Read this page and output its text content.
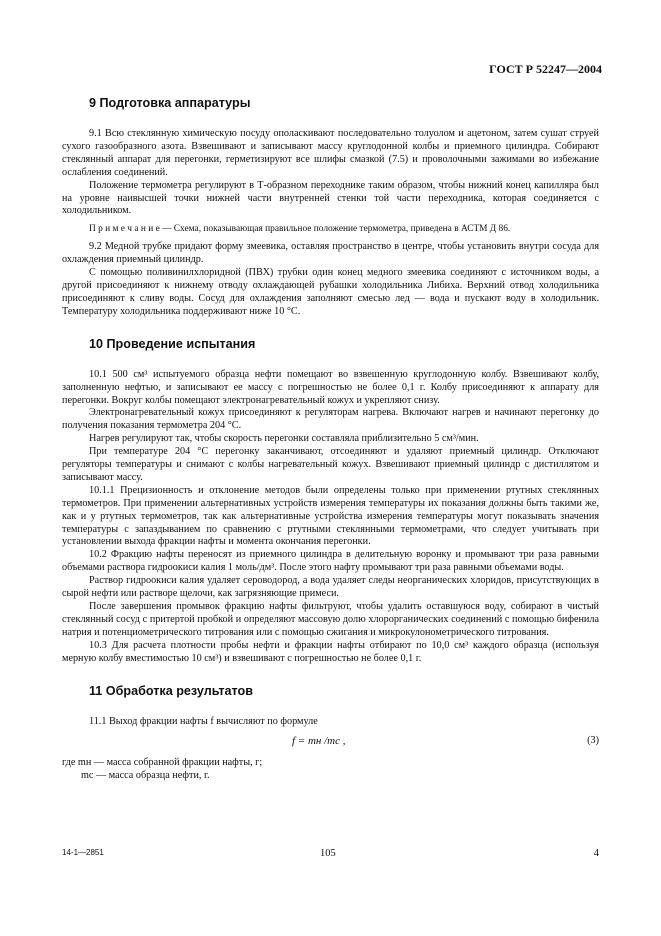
ГОСТ Р 52247—2004
9 Подготовка аппаратуры

9.1 Всю стеклянную химическую посуду ополаскивают последовательно толуолом и ацетоном, затем сушат струей сухого газообразного азота. Взвешивают и записывают массу круглодонной колбы и приемного цилиндра. Собирают стеклянный аппарат для перегонки, герметизируют все шлифы смазкой (7.5) и проволочными зажимами во избежание ослабления соединений.

Положение термометра регулируют в Т-образном переходнике таким образом, чтобы нижний конец капилляра был на уровне наивысшей точки нижней части внутренней стенки той части переходника, которая соединяется с холодильником.

П р и м е ч а н и е — Схема, показывающая правильное положение термометра, приведена в АСТМ Д 86.

9.2 Медной трубке придают форму змеевика, оставляя пространство в центре, чтобы установить внутри сосуда для охлаждения приемный цилиндр.

С помощью поливинилхлоридной (ПВХ) трубки один конец медного змеевика соединяют с источником воды, а другой присоединяют к нижнему отводу охлаждающей рубашки холодильника Либиха. Верхний отвод холодильника присоединяют к сливу воды. Сосуд для охлаждения заполняют смесью лед — вода и пускают воду в холодильник. Температуру холодильника поддерживают ниже 10 °С.

10 Проведение испытания

10.1 500 см³ испытуемого образца нефти помещают во взвешенную круглодонную колбу. Взвешивают колбу, заполненную нефтью, и записывают ее массу с погрешностью не более 0,1 г. Колбу присоединяют к аппарату для перегонки. Вокруг колбы помещают электронагревательный кожух и укрепляют снизу.

Электронагревательный кожух присоединяют к регуляторам нагрева. Включают нагрев и начинают перегонку до получения показания термометра 204 °С.

Нагрев регулируют так, чтобы скорость перегонки составляла приблизительно 5 см³/мин.

При температуре 204 °С перегонку заканчивают, отсоединяют и удаляют приемный цилиндр. Отключают регуляторы температуры и снимают с колбы нагревательный кожух. Взвешивают приемный цилиндр с дистиллятом и записывают массу.

10.1.1 Прецизионность и отклонение методов были определены только при применении ртутных стеклянных термометров. При применении альтернативных устройств измерения температуры их показания должны быть такими же, как и у ртутных термометров, так как альтернативные устройства измерения температуры могут показывать значения температуры с запаздыванием по сравнению с ртутными стеклянными термометрами, что следует учитывать при установлении выхода фракции нафты и момента окончания перегонки.

10.2 Фракцию нафты переносят из приемного цилиндра в делительную воронку и промывают три раза равными объемами раствора гидроокиси калия 1 моль/дм³. После этого нафту промывают три раза равными объемами воды.

Раствор гидроокиси калия удаляет сероводород, а вода удаляет следы неорганических хлоридов, присутствующих в сырой нефти или растворе щелочи, как загрязняющие примеси.

После завершения промывок фракцию нафты фильтруют, чтобы удалить оставшуюся воду, собирают в чистый стеклянный сосуд с притертой пробкой и определяют массовую долю хлорорганических соединений с помощью бифенила натрия и потенциометрического титрования или с помощью сжигания и микрокулонометрического титрования.

10.3 Для расчета плотности пробы нефти и фракции нафты отбирают по 10,0 см³ каждого образца (используя мерную колбу вместимостью 10 см³) и взвешивают с погрешностью не более 0,1 г.

11 Обработка результатов

11.1 Выход фракции нафты f вычисляют по формуле

f = mн /mс ,	(3)
где mн — масса собранной фракции нафты, г;
mс — масса образца нефти, г.
14-1—2851	105	4
